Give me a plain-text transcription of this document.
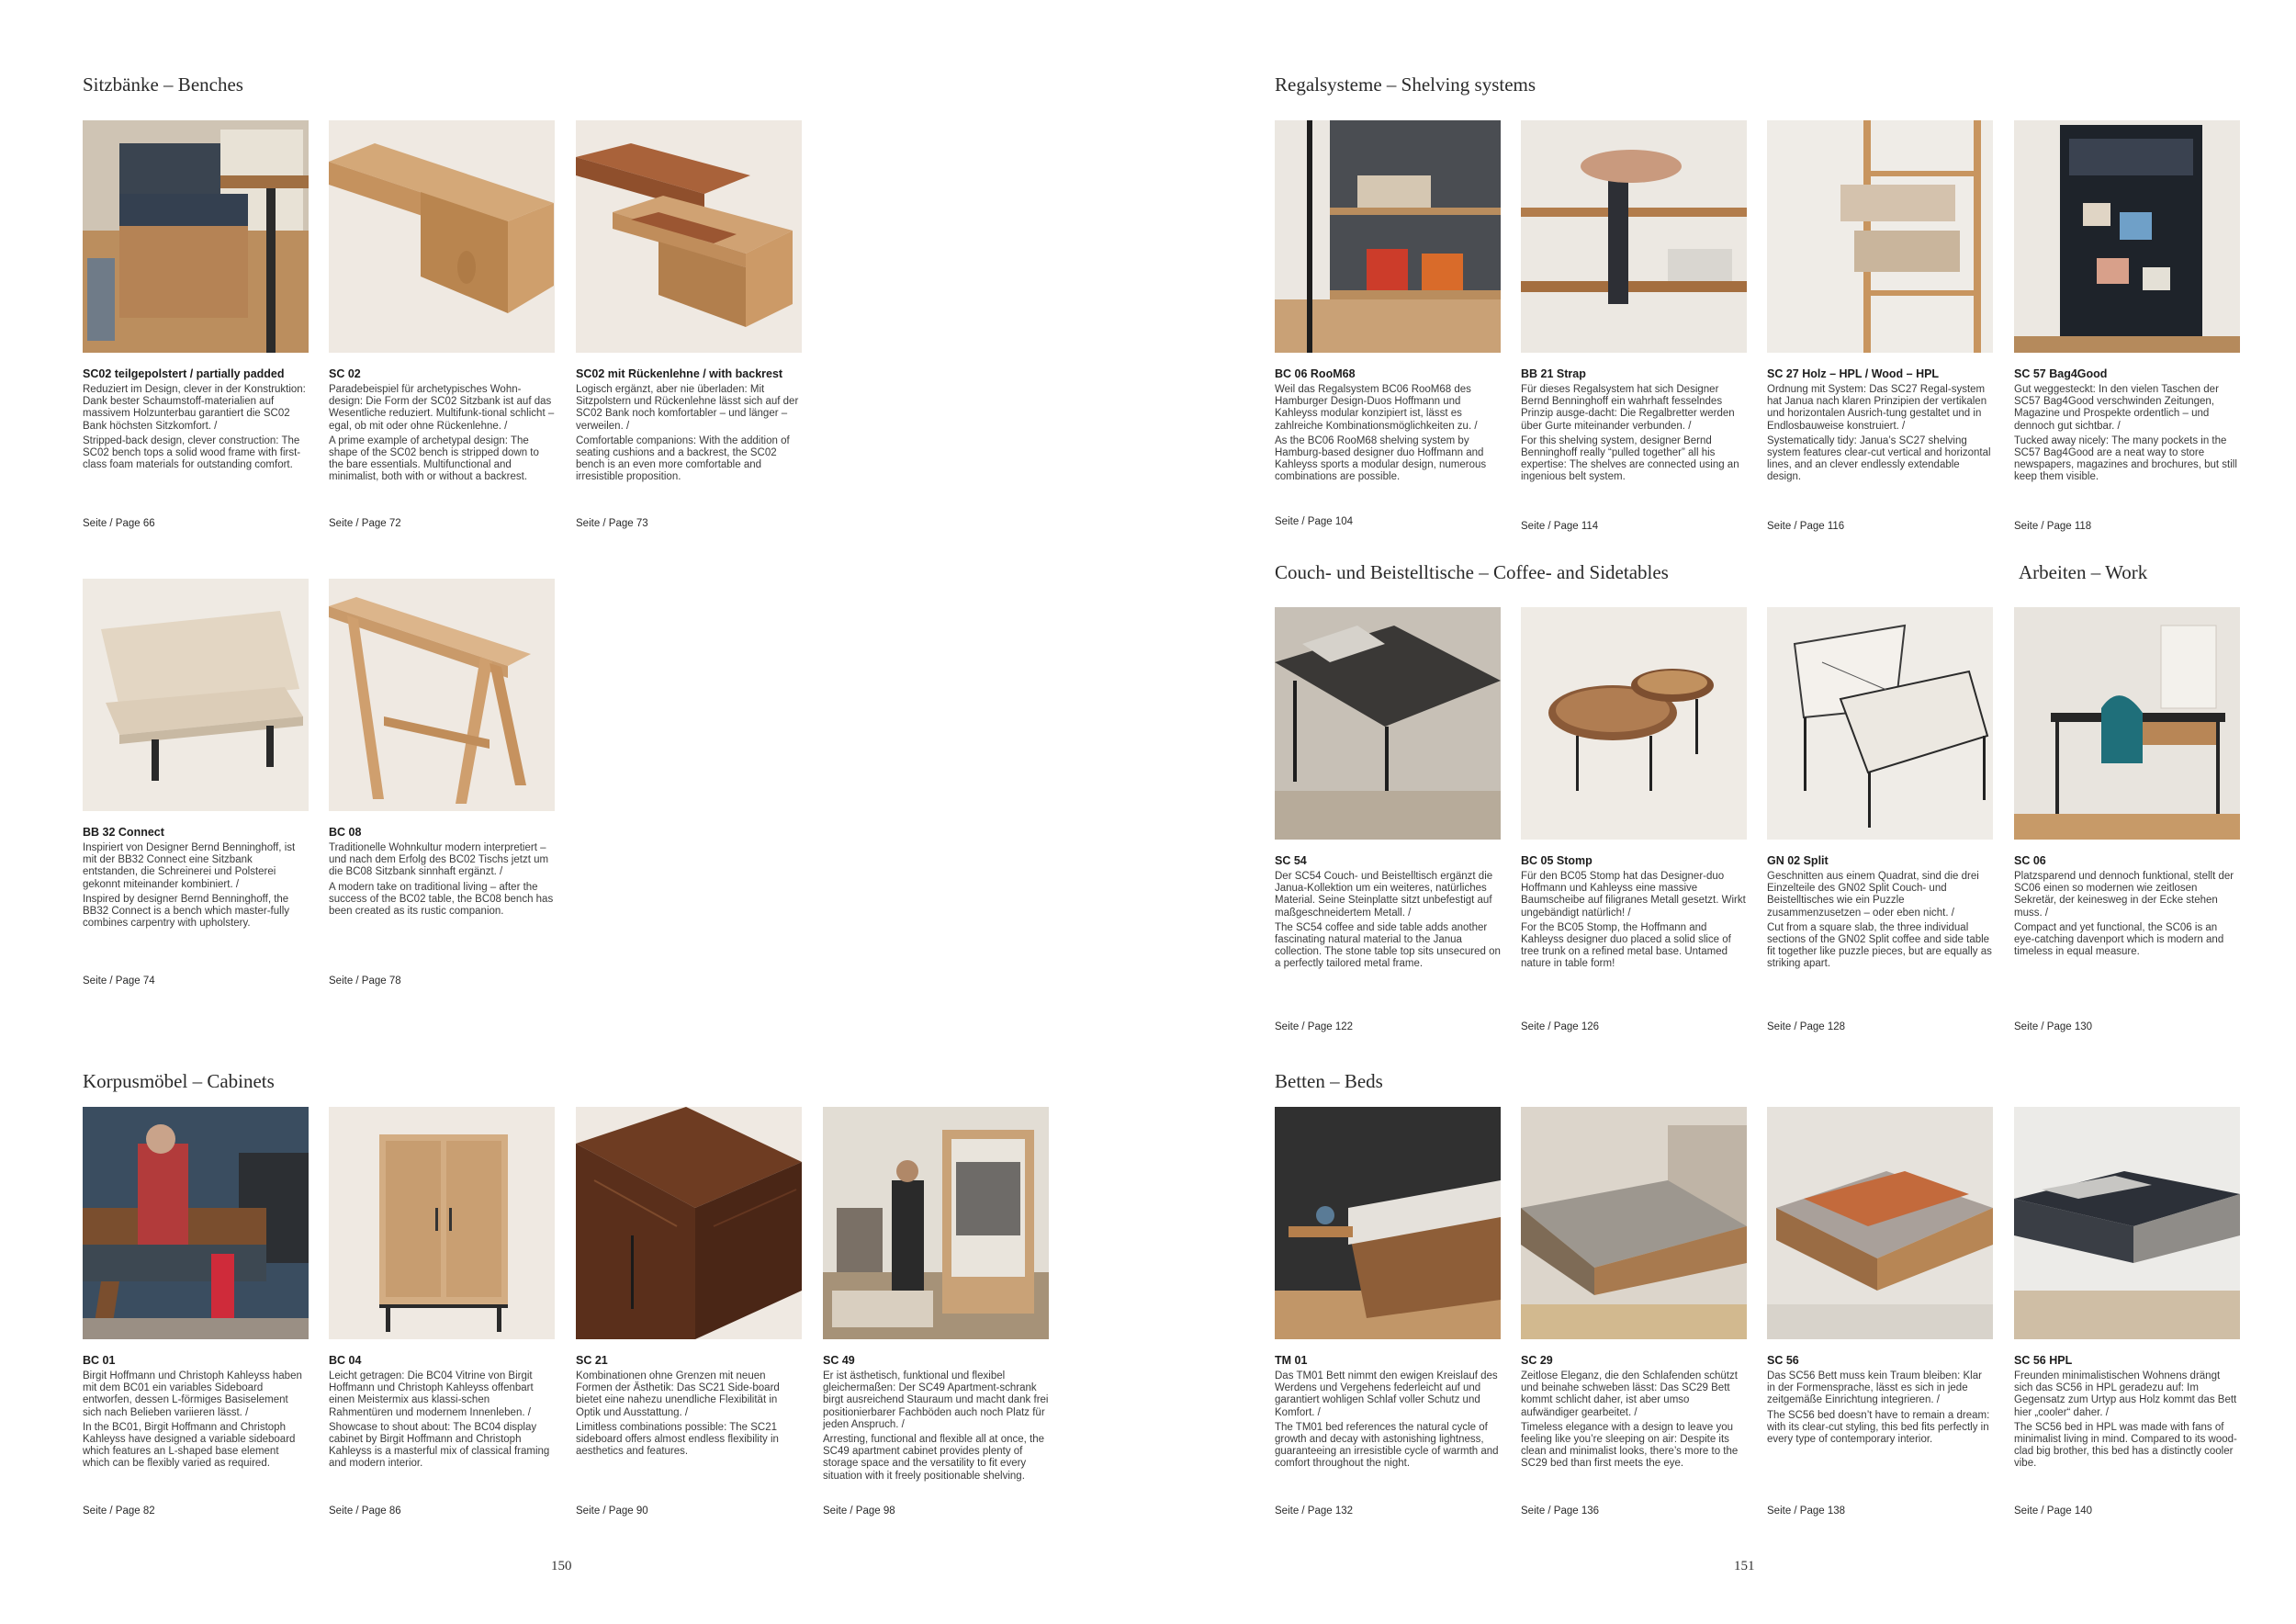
150	151
Sitzbänke – Benches	Regalsysteme – Shelving systems
Couch- und Beistelltische – Coffee- and Sidetables	Arbeiten – Work
Korpusmöbel – Cabinets	Betten – Beds
SC02 teilgepolstert / partially padded

Reduziert im Design, clever in der Konstruktion: Dank bester Schaumstoff-materialien auf massivem Holzunterbau garantiert die SC02 Bank höchsten Sitzkomfort. /

Stripped-back design, clever construction: The SC02 bench tops a solid wood frame with first-class foam materials for outstanding comfort.

Seite / Page 66
SC 02

Paradebeispiel für archetypisches Wohn-design: Die Form der SC02 Sitzbank ist auf das Wesentliche reduziert. Multifunk-tional schlicht – egal, ob mit oder ohne Rückenlehne. /

A prime example of archetypal design: The shape of the SC02 bench is stripped down to the bare essentials. Multifunctional and minimalist, both with or without a backrest.

Seite / Page 72
SC02 mit Rückenlehne / with backrest

Logisch ergänzt, aber nie überladen: Mit Sitzpolstern und Rückenlehne lässt sich auf der SC02 Bank noch komfortabler – und länger – verweilen. /

Comfortable companions: With the addition of seating cushions and a backrest, the SC02 bench is an even more comfortable and irresistible proposition.

Seite / Page 73
BB 32 Connect

Inspiriert von Designer Bernd Benninghoff, ist mit der BB32 Connect eine Sitzbank entstanden, die Schreinerei und Polsterei gekonnt miteinander kombiniert. /

Inspired by designer Bernd Benninghoff, the BB32 Connect is a bench which master-fully combines carpentry with upholstery.

Seite / Page 74
BC 08

Traditionelle Wohnkultur modern interpretiert – und nach dem Erfolg des BC02 Tischs jetzt um die BC08 Sitzbank sinnhaft ergänzt. /

A modern take on traditional living – after the success of the BC02 table, the BC08 bench has been created as its rustic companion.

Seite / Page 78
BC 01

Birgit Hoffmann und Christoph Kahleyss haben mit dem BC01 ein variables Sideboard entworfen, dessen L-förmiges Basiselement sich nach Belieben variieren lässt. /

In the BC01, Birgit Hoffmann and Christoph Kahleyss have designed a variable sideboard which features an L-shaped base element which can be flexibly varied as required.

Seite / Page 82
BC 04

Leicht getragen: Die BC04 Vitrine von Birgit Hoffmann und Christoph Kahleyss offenbart einen Meistermix aus klassi-schen Rahmentüren und modernem Innenleben. /

Showcase to shout about: The BC04 display cabinet by Birgit Hoffmann and Christoph Kahleyss is a masterful mix of classical framing and modern interior.

Seite / Page 86
SC 21

Kombinationen ohne Grenzen mit neuen Formen der Ästhetik: Das SC21 Side-board bietet eine nahezu unendliche Flexibilität in Optik und Ausstattung. /

Limitless combinations possible: The SC21 sideboard offers almost endless flexibility in aesthetics and features.

Seite / Page 90
SC 49

Er ist ästhetisch, funktional und flexibel gleichermaßen: Der SC49 Apartment-schrank birgt ausreichend Stauraum und macht dank frei positionierbarer Fachböden auch noch Platz für jeden Anspruch. /

Arresting, functional and flexible all at once, the SC49 apartment cabinet provides plenty of storage space and the versatility to fit every situation with it freely positionable shelving.

Seite / Page 98
BC 06 RooM68

Weil das Regalsystem BC06 RooM68 des Hamburger Design-Duos Hoffmann und Kahleyss modular konzipiert ist, lässt es zahlreiche Kombinationsmöglichkeiten zu. /

As the BC06 RooM68 shelving system by Hamburg-based designer duo Hoffmann and Kahleyss sports a modular design, numerous combinations are possible.

Seite / Page 104
BB 21 Strap

Für dieses Regalsystem hat sich Designer Bernd Benninghoff ein wahrhaft fesselndes Prinzip ausge-dacht: Die Regalbretter werden über Gurte miteinander verbunden. /

For this shelving system, designer Bernd Benninghoff really “pulled together” all his expertise: The shelves are connected using an ingenious belt system.

Seite / Page 114
SC 27 Holz – HPL / Wood – HPL

Ordnung mit System: Das SC27 Regal-system hat Janua nach klaren Prinzipien der vertikalen und horizontalen Ausrich-tung gestaltet und in Endlosbauweise konstruiert. /

Systematically tidy: Janua’s SC27 shelving system features clear-cut vertical and horizontal lines, and an clever endlessly extendable design.

Seite / Page 116
SC 57 Bag4Good

Gut weggesteckt: In den vielen Taschen der SC57 Bag4Good verschwinden Zeitungen, Magazine und Prospekte ordentlich – und dennoch gut sichtbar. /

Tucked away nicely: The many pockets in the SC57 Bag4Good are a neat way to store newspapers, magazines and brochures, but still keep them visible.

Seite / Page 118
SC 54

Der SC54 Couch- und Beistelltisch ergänzt die Janua-Kollektion um ein weiteres, natürliches Material. Seine Steinplatte sitzt unbefestigt auf maßgeschneidertem Metall. /

The SC54 coffee and side table adds another fascinating natural material to the Janua collection. The stone table top sits unsecured on a perfectly tailored metal frame.

Seite / Page 122
BC 05 Stomp

Für den BC05 Stomp hat das Designer-duo Hoffmann und Kahleyss eine massive Baumscheibe auf filigranes Metall gesetzt. Wirkt ungebändigt natürlich! /

For the BC05 Stomp, the Hoffmann and Kahleyss designer duo placed a solid slice of tree trunk on a refined metal base. Untamed nature in table form!

Seite / Page 126
GN 02 Split

Geschnitten aus einem Quadrat, sind die drei Einzelteile des GN02 Split Couch- und Beistelltisches wie ein Puzzle zusammenzusetzen – oder eben nicht. /

Cut from a square slab, the three individual sections of the GN02 Split coffee and side table fit together like puzzle pieces, but are equally as striking apart.

Seite / Page 128
SC 06

Platzsparend und dennoch funktional, stellt der SC06 einen so modernen wie zeitlosen Sekretär, der keinesweg in der Ecke stehen muss. /

Compact and yet functional, the SC06 is an eye-catching davenport which is modern and timeless in equal measure.

Seite / Page 130
TM 01

Das TM01 Bett nimmt den ewigen Kreislauf des Werdens und Vergehens federleicht auf und garantiert wohligen Schlaf voller Schutz und Komfort. /

The TM01 bed references the natural cycle of growth and decay with astonishing lightness, guaranteeing an irresistible cycle of warmth and comfort throughout the night.

Seite / Page 132
SC 29

Zeitlose Eleganz, die den Schlafenden schützt und beinahe schweben lässt: Das SC29 Bett kommt schlicht daher, ist aber umso aufwändiger gearbeitet. /

Timeless elegance with a design to leave you feeling like you’re sleeping on air: Despite its clean and minimalist looks, there’s more to the SC29 bed than first meets the eye.

Seite / Page 136
SC 56

Das SC56 Bett muss kein Traum bleiben: Klar in der Formensprache, lässt es sich in jede zeitgemäße Einrichtung integrieren. /

The SC56 bed doesn’t have to remain a dream: with its clear-cut styling, this bed fits perfectly in every type of contemporary interior.

Seite / Page 138
SC 56 HPL

Freunden minimalistischen Wohnens drängt sich das SC56 in HPL geradezu auf: Im Gegensatz zum Urtyp aus Holz kommt das Bett hier „cooler“ daher. /

The SC56 bed in HPL was made with fans of minimalist living in mind. Compared to its wood-clad big brother, this bed has a distinctly cooler vibe.

Seite / Page 140
